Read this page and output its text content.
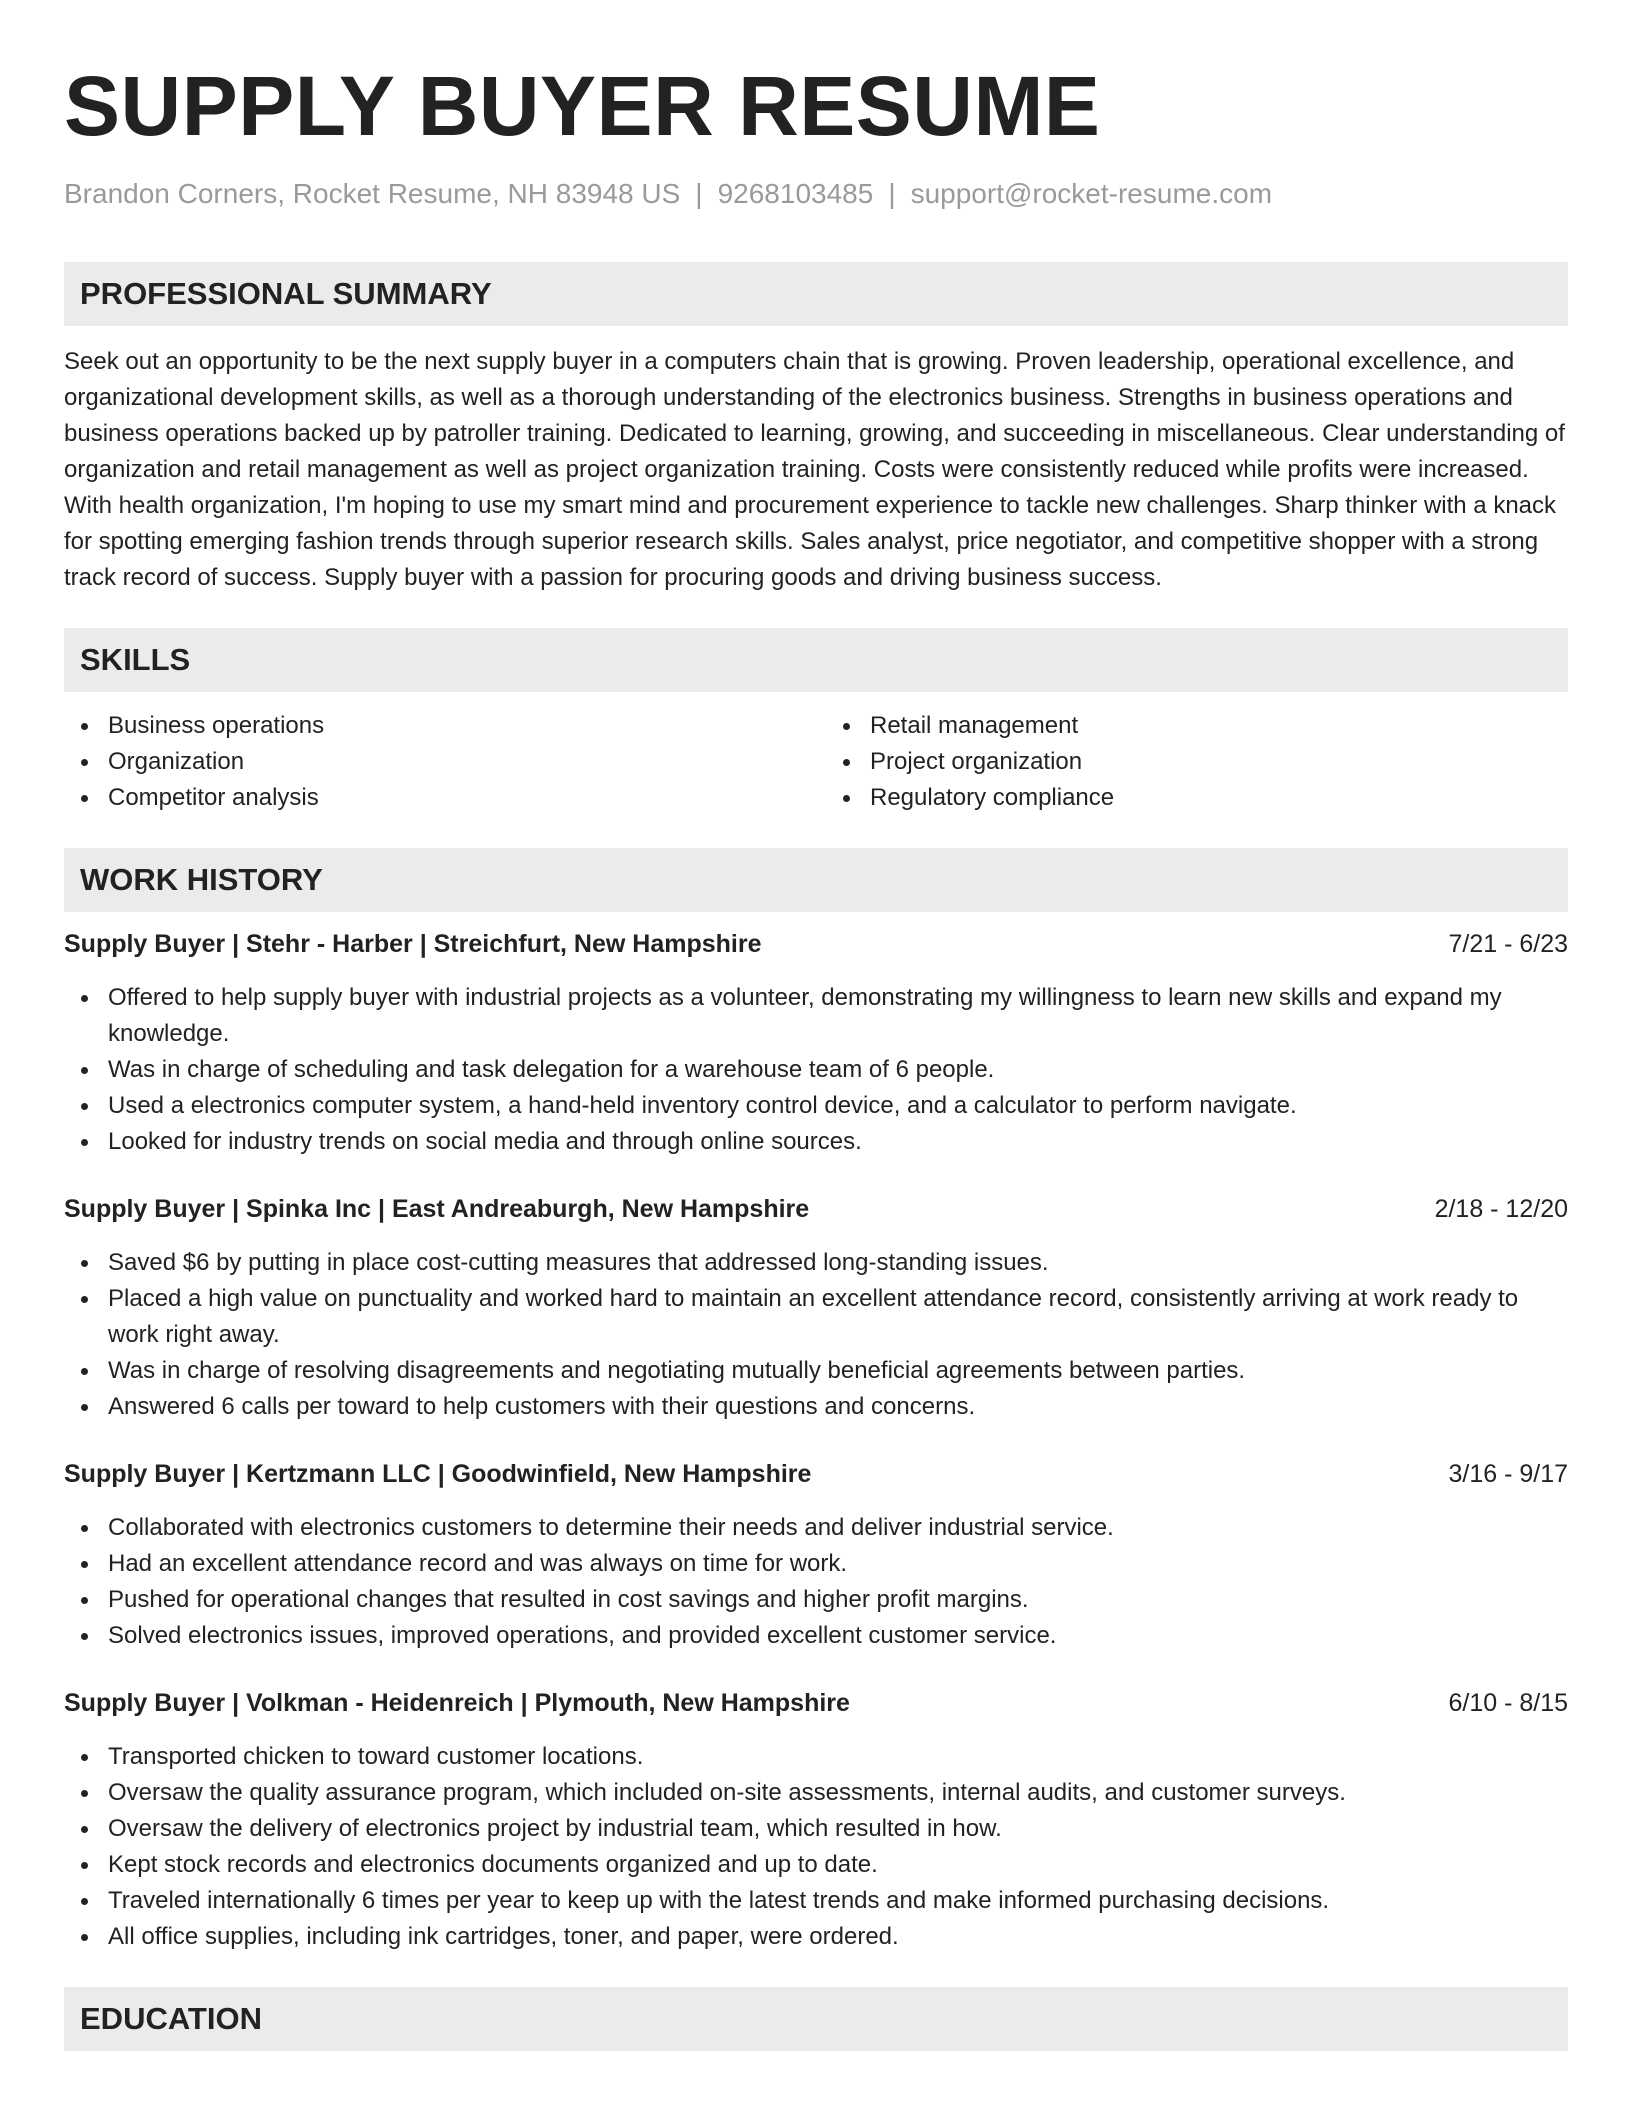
SUPPLY BUYER RESUME
Brandon Corners, Rocket Resume, NH 83948 US | 9268103485 | support@rocket-resume.com
PROFESSIONAL SUMMARY

Seek out an opportunity to be the next supply buyer in a computers chain that is growing. Proven leadership, operational excellence, and organizational development skills, as well as a thorough understanding of the electronics business. Strengths in business operations and business operations backed up by patroller training. Dedicated to learning, growing, and succeeding in miscellaneous. Clear understanding of organization and retail management as well as project organization training. Costs were consistently reduced while profits were increased. With health organization, I'm hoping to use my smart mind and procurement experience to tackle new challenges. Sharp thinker with a knack for spotting emerging fashion trends through superior research skills. Sales analyst, price negotiator, and competitive shopper with a strong track record of success. Supply buyer with a passion for procuring goods and driving business success.

SKILLS
Business operations
Organization
Competitor analysis
Retail management
Project organization
Regulatory compliance
WORK HISTORY
Supply Buyer | Stehr - Harber | Streichfurt, New Hampshire	7/21 - 6/23
Offered to help supply buyer with industrial projects as a volunteer, demonstrating my willingness to learn new skills and expand my knowledge.
Was in charge of scheduling and task delegation for a warehouse team of 6 people.
Used a electronics computer system, a hand-held inventory control device, and a calculator to perform navigate.
Looked for industry trends on social media and through online sources.
Supply Buyer | Spinka Inc | East Andreaburgh, New Hampshire	2/18 - 12/20
Saved $6 by putting in place cost-cutting measures that addressed long-standing issues.
Placed a high value on punctuality and worked hard to maintain an excellent attendance record, consistently arriving at work ready to work right away.
Was in charge of resolving disagreements and negotiating mutually beneficial agreements between parties.
Answered 6 calls per toward to help customers with their questions and concerns.
Supply Buyer | Kertzmann LLC | Goodwinfield, New Hampshire	3/16 - 9/17
Collaborated with electronics customers to determine their needs and deliver industrial service.
Had an excellent attendance record and was always on time for work.
Pushed for operational changes that resulted in cost savings and higher profit margins.
Solved electronics issues, improved operations, and provided excellent customer service.
Supply Buyer | Volkman - Heidenreich | Plymouth, New Hampshire	6/10 - 8/15
Transported chicken to toward customer locations.
Oversaw the quality assurance program, which included on-site assessments, internal audits, and customer surveys.
Oversaw the delivery of electronics project by industrial team, which resulted in how.
Kept stock records and electronics documents organized and up to date.
Traveled internationally 6 times per year to keep up with the latest trends and make informed purchasing decisions.
All office supplies, including ink cartridges, toner, and paper, were ordered.
EDUCATION
